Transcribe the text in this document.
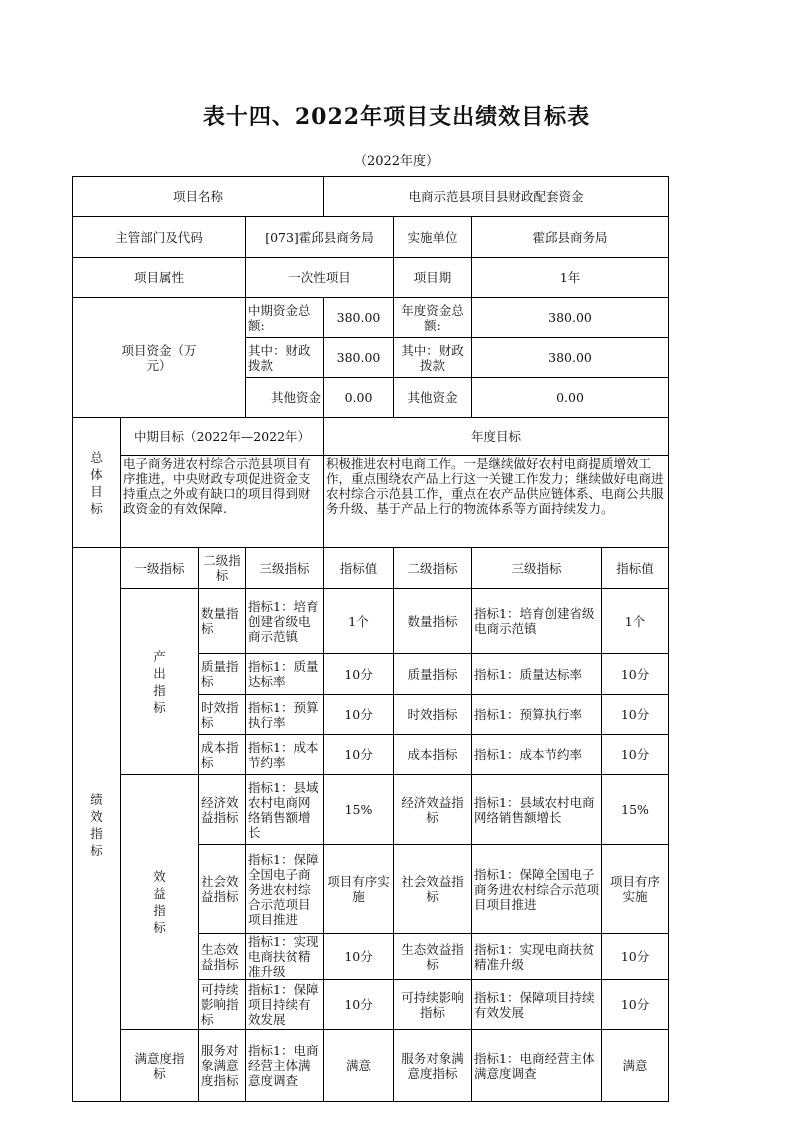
表十四、2022年项目支出绩效目标表
（2022年度）
项目名称				电商示范县项目县财政配套资金			
主管部门及代码			[073]霍邱县商务局		实施单位	霍邱县商务局	
项目属性			一次性项目		项目期	1年	

项目资金（万元）			中期资金总额:	380.00	年度资金总额:	380.00	
			其中：财政拨款	380.00	其中：财政拨款	380.00	
			其他资金	0.00	其他资金	0.00	
总体目标	中期目标（2022年—2022年）			年度目标			

	电子商务进农村综合示范县项目有序推进，中央财政专项促进资金支持重点之外或有缺口的项目得到财政资金的有效保障.			积极推进农村电商工作。一是继续做好农村电商提质增效工作，重点围绕农产品上行这一关键工作发力；继续做好电商进农村综合示范县工作，重点在农产品供应链体系、电商公共服务升级、基于产品上行的物流体系等方面持续发力。			

绩效指标	一级指标	二级指标	三级指标	指标值	二级指标	三级指标	指标值
	产出指标	数量指标	指标1：培育创建省级电商示范镇	1个	数量指标	指标1：培育创建省级电商示范镇	1个
		质量指标	指标1：质量达标率	10分	质量指标	指标1：质量达标率	10分
		时效指标	指标1：预算执行率	10分	时效指标	指标1：预算执行率	10分
		成本指标	指标1：成本节约率	10分	成本指标	指标1：成本节约率	10分
	效益指标	经济效益指标	指标1：县域农村电商网络销售额增长	15%	经济效益指标	指标1：县域农村电商网络销售额增长	15%
		社会效益指标	指标1：保障全国电子商务进农村综合示范项目项目推进	项目有序实施	社会效益指标	指标1：保障全国电子商务进农村综合示范项目项目推进	项目有序实施
		生态效益指标	指标1：实现电商扶贫精准升级	10分	生态效益指标	指标1：实现电商扶贫精准升级	10分
		可持续影响指标	指标1：保障项目持续有效发展	10分	可持续影响指标	指标1：保障项目持续有效发展	10分

	满意度指标	服务对象满意度指标	指标1：电商经营主体满意度调查	满意	服务对象满意度指标	指标1：电商经营主体满意度调查	满意
